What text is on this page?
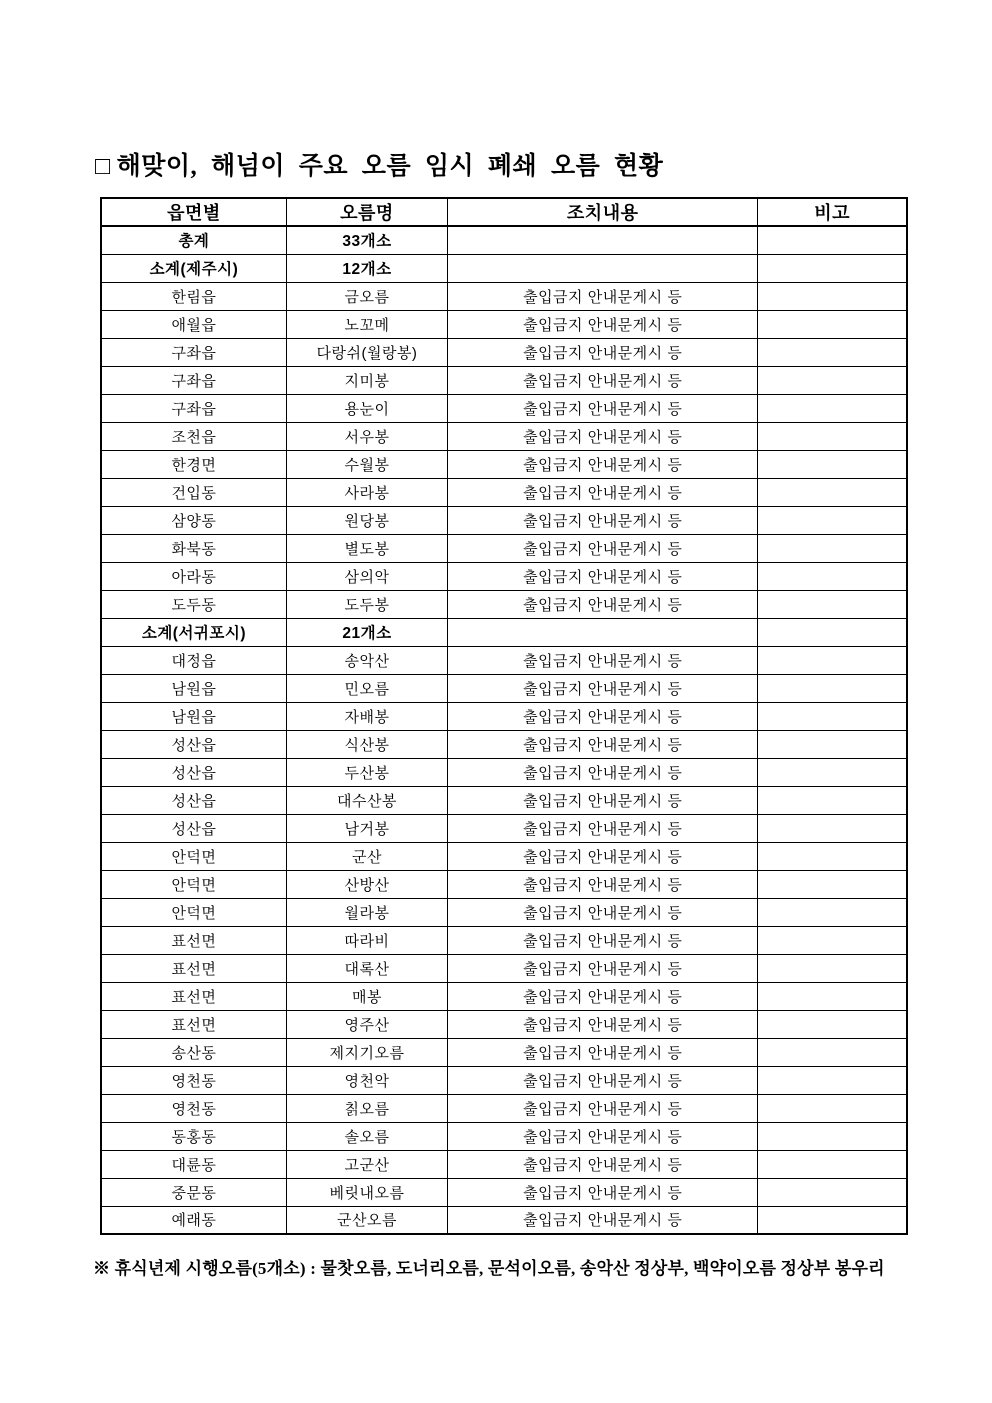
□ 해맞이, 해넘이 주요 오름 임시 폐쇄 오름 현황
읍면별	오름명	조치내용	비고
총계	33개소		
소계(제주시)	12개소		
한림읍	금오름	출입금지 안내문게시 등	
애월읍	노꼬메	출입금지 안내문게시 등	
구좌읍	다랑쉬(월랑봉)	출입금지 안내문게시 등	
구좌읍	지미봉	출입금지 안내문게시 등	
구좌읍	용눈이	출입금지 안내문게시 등	
조천읍	서우봉	출입금지 안내문게시 등	
한경면	수월봉	출입금지 안내문게시 등	
건입동	사라봉	출입금지 안내문게시 등	
삼양동	원당봉	출입금지 안내문게시 등	
화북동	별도봉	출입금지 안내문게시 등	
아라동	삼의악	출입금지 안내문게시 등	
도두동	도두봉	출입금지 안내문게시 등	
소계(서귀포시)	21개소		
대정읍	송악산	출입금지 안내문게시 등	
남원읍	민오름	출입금지 안내문게시 등	
남원읍	자배봉	출입금지 안내문게시 등	
성산읍	식산봉	출입금지 안내문게시 등	
성산읍	두산봉	출입금지 안내문게시 등	
성산읍	대수산봉	출입금지 안내문게시 등	
성산읍	남거봉	출입금지 안내문게시 등	
안덕면	군산	출입금지 안내문게시 등	
안덕면	산방산	출입금지 안내문게시 등	
안덕면	월라봉	출입금지 안내문게시 등	
표선면	따라비	출입금지 안내문게시 등	
표선면	대록산	출입금지 안내문게시 등	
표선면	매봉	출입금지 안내문게시 등	
표선면	영주산	출입금지 안내문게시 등	
송산동	제지기오름	출입금지 안내문게시 등	
영천동	영천악	출입금지 안내문게시 등	
영천동	칡오름	출입금지 안내문게시 등	
동홍동	솔오름	출입금지 안내문게시 등	
대륜동	고군산	출입금지 안내문게시 등	
중문동	베릿내오름	출입금지 안내문게시 등	
예래동	군산오름	출입금지 안내문게시 등	

※ 휴식년제 시행오름(5개소) : 물찻오름, 도너리오름, 문석이오름, 송악산 정상부, 백약이오름 정상부 봉우리
